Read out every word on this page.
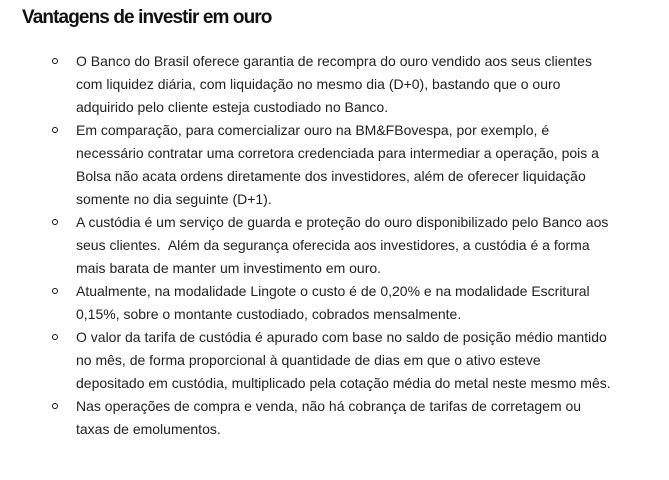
Vantagens de investir em ouro
O Banco do Brasil oferece garantia de recompra do ouro vendido aos seus clientes com liquidez diária, com liquidação no mesmo dia (D+0), bastando que o ouro adquirido pelo cliente esteja custodiado no Banco.
Em comparação, para comercializar ouro na BM&FBovespa, por exemplo, é necessário contratar uma corretora credenciada para intermediar a operação, pois a Bolsa não acata ordens diretamente dos investidores, além de oferecer liquidação somente no dia seguinte (D+1).
A custódia é um serviço de guarda e proteção do ouro disponibilizado pelo Banco aos seus clientes.  Além da segurança oferecida aos investidores, a custódia é a forma mais barata de manter um investimento em ouro.
Atualmente, na modalidade Lingote o custo é de 0,20% e na modalidade Escritural 0,15%, sobre o montante custodiado, cobrados mensalmente.
O valor da tarifa de custódia é apurado com base no saldo de posição médio mantido no mês, de forma proporcional à quantidade de dias em que o ativo esteve depositado em custódia, multiplicado pela cotação média do metal neste mesmo mês.
Nas operações de compra e venda, não há cobrança de tarifas de corretagem ou taxas de emolumentos.
